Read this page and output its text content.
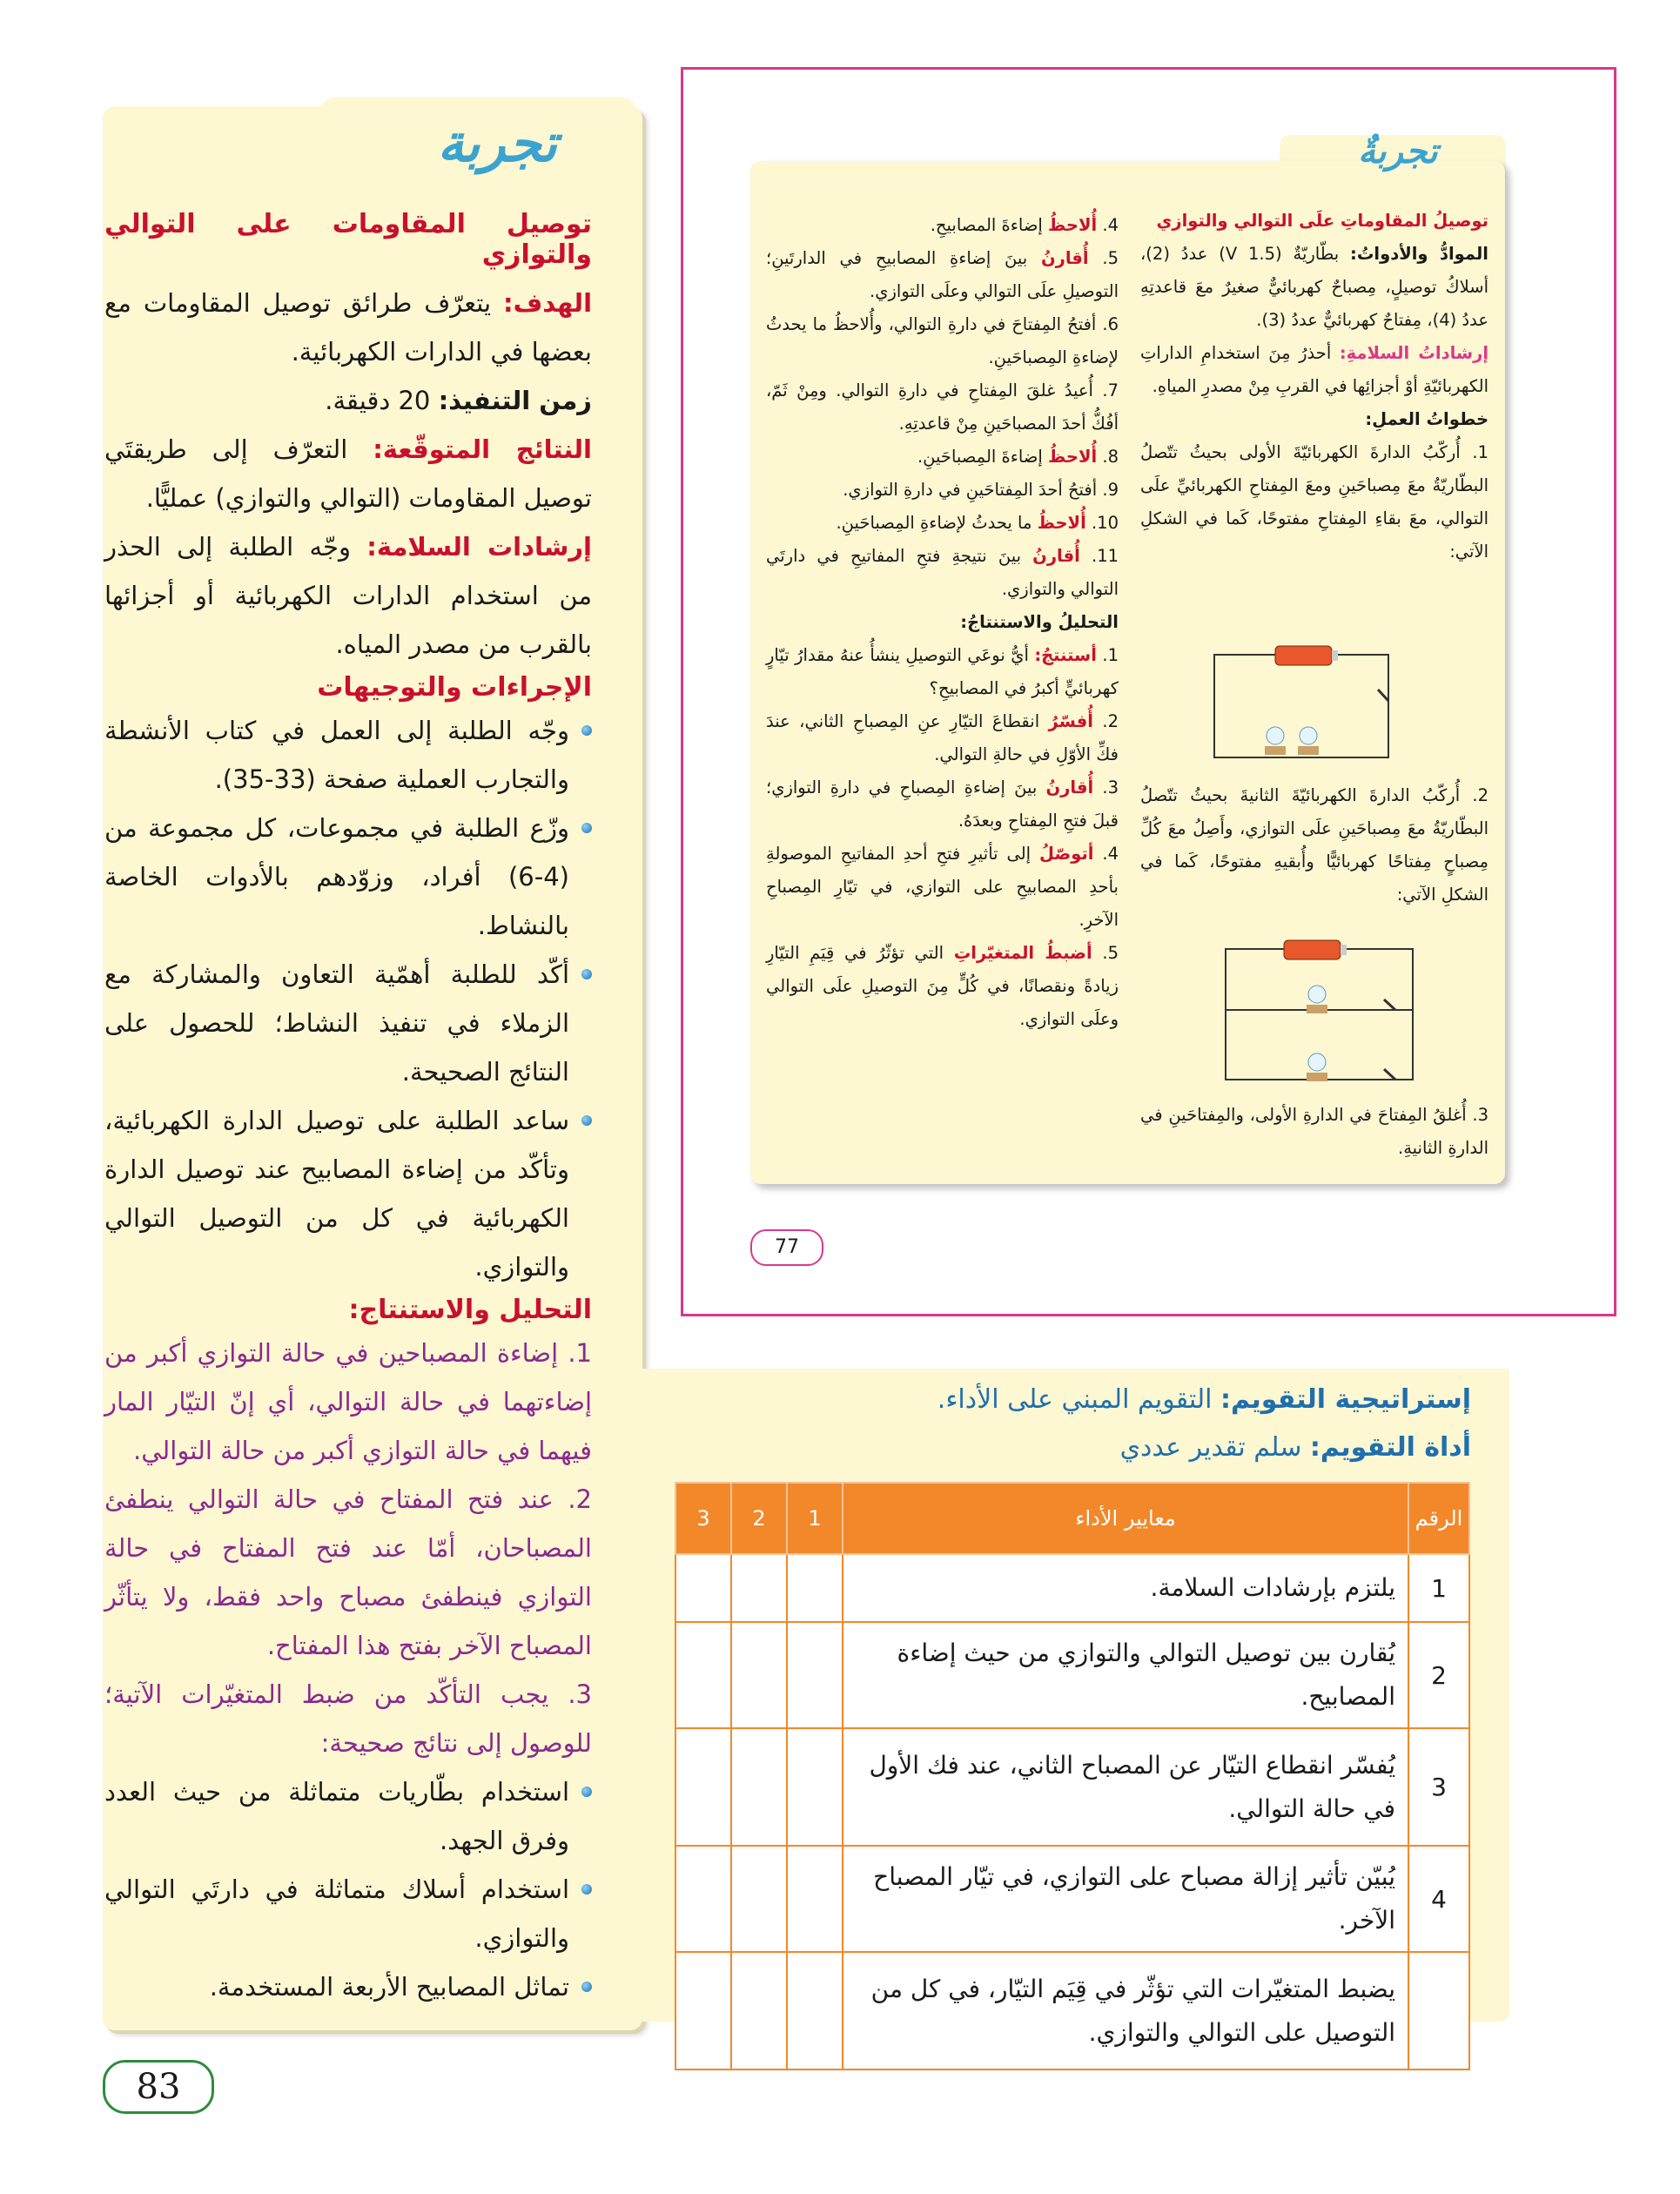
تجربة
توصيل المقاومات على التوالي والتوازي
الهدف: يتعرّف طرائق توصيل المقاومات مع بعضها في الدارات الكهربائية.
زمن التنفيذ: 20 دقيقة.
النتائج المتوقّعة: التعرّف إلى طريقتَي توصيل المقاومات (التوالي والتوازي) عمليًّا.
إرشادات السلامة: وجّه الطلبة إلى الحذر من استخدام الدارات الكهربائية أو أجزائها بالقرب من مصدر المياه.
الإجراءات والتوجيهات
وجّه الطلبة إلى العمل في كتاب الأنشطة والتجارب العملية صفحة (33-35).
وزّع الطلبة في مجموعات، كل مجموعة من (4-6) أفراد، وزوّدهم بالأدوات الخاصة بالنشاط.
أكّد للطلبة أهمّية التعاون والمشاركة مع الزملاء في تنفيذ النشاط؛ للحصول على النتائج الصحيحة.
ساعد الطلبة على توصيل الدارة الكهربائية، وتأكّد من إضاءة المصابيح عند توصيل الدارة الكهربائية في كل من التوصيل التوالي والتوازي.
التحليل والاستنتاج:
1. إضاءة المصباحين في حالة التوازي أكبر من إضاءتهما في حالة التوالي، أي إنّ التيّار المار فيهما في حالة التوازي أكبر من حالة التوالي.
2. عند فتح المفتاح في حالة التوالي ينطفئ المصباحان، أمّا عند فتح المفتاح في حالة التوازي فينطفئ مصباح واحد فقط، ولا يتأثّر المصباح الآخر بفتح هذا المفتاح.
3. يجب التأكّد من ضبط المتغيّرات الآتية؛ للوصول إلى نتائج صحيحة:
استخدام بطّاريات متماثلة من حيث العدد وفرق الجهد.
استخدام أسلاك متماثلة في دارتَي التوالي والتوازي.
تماثل المصابيح الأربعة المستخدمة.
تجربةٌ
توصيلُ المقاوماتِ علَى التوالي والتوازي
الموادُّ والأدواتُ: بطّاريّةٌ (1.5 V) عددُ (2)، أسلاكُ توصيلٍ، مِصباحٌ كهربائيٌّ صغيرٌ معَ قاعدتِهِ عددُ (4)، مِفتاحٌ كهربائيٌّ عددُ (3).
إرشاداتُ السلامةِ: أحذرُ مِنَ استخدامِ الداراتِ الكهربائيّةِ أوْ أجزائِها في القربِ مِنْ مصدرِ المياهِ.
خطواتُ العملِ:
1. أُركّبُ الدارةَ الكهربائيّةَ الأولى بحيثُ تتّصلُ البطّاريّةُ معَ مِصباحَينِ ومعَ المِفتاحِ الكهربائيِّ علَى التوالي، معَ بقاءِ المِفتاحِ مفتوحًا، كَما في الشكلِ الآتي:
2. أُركّبُ الدارةَ الكهربائيّةَ الثانيةَ بحيثُ تتّصلُ البطّاريّةُ معَ مِصباحَينِ علَى التوازي، وأَصِلُ معَ كُلِّ مِصباحٍ مِفتاحًا كهربائيًّا وأُبقيهِ مفتوحًا، كَما في الشكلِ الآتي:
3. أُغلقُ المِفتاحَ في الدارةِ الأولى، والمِفتاحَينِ في الدارةِ الثانيةِ.
4. أُلاحظُ إضاءةَ المصابيحِ.
5. أُقارنُ بينَ إضاءةِ المصابيحِ في الدارتَينِ؛ التوصيلِ علَى التوالي وعلَى التوازي.
6. أفتحُ المِفتاحَ في دارةِ التوالي، وأُلاحظُ ما يحدثُ لإضاءةِ المِصباحَينِ.
7. أُعيدُ غلقَ المِفتاحِ في دارةِ التوالي. ومِنْ ثَمّ، أفُكُّ أحدَ المصباحَينِ مِنْ قاعدتِهِ.
8. أُلاحظُ إضاءةَ المِصباحَينِ.
9. أفتحُ أحدَ المِفتاحَينِ في دارةِ التوازي.
10. أُلاحظُ ما يحدثُ لإضاءةِ المِصباحَينِ.
11. أُقارنُ بينَ نتيجةِ فتحِ المفاتيحِ في دارتَي التوالي والتوازي.
التحليلُ والاستنتاجُ:
1. أستنتجُ: أيُّ نوعَي التوصيلِ ينشأُ عنهُ مقدارُ تيّارٍ كهربائيٍّ أكبرُ في المصابيحِ؟
2. أُفسّرُ انقطاعَ التيّارِ عنِ المِصباحِ الثاني، عندَ فكِّ الأوّلِ في حالةِ التوالي.
3. أُقارنُ بينَ إضاءةِ المِصباحِ في دارةِ التوازي؛ قبلَ فتحِ المِفتاحِ وبعدَهُ.
4. أتوصّلُ إلى تأثيرِ فتحِ أحدِ المفاتيحِ الموصولةِ بأحدِ المصابيحِ على التوازي، في تيّارِ المِصباحِ الآخرِ.
5. أضبطُ المتغيّراتِ التي تؤثّرُ في قِيَمِ التيّارِ زيادةً ونقصانًا، في كُلٍّ مِنَ التوصيلِ علَى التوالي وعلَى التوازي.
77
إستراتيجية التقويم: التقويم المبني على الأداء.
أداة التقويم: سلم تقدير عددي
الرقم	معايير الأداء	1	2	3
1	يلتزم بإرشادات السلامة.			
2	يُقارن بين توصيل التوالي والتوازي من حيث إضاءة المصابيح.			
3	يُفسّر انقطاع التيّار عن المصباح الثاني، عند فك الأول في حالة التوالي.			
4	يُبيّن تأثير إزالة مصباح على التوازي، في تيّار المصباح الآخر.			
	يضبط المتغيّرات التي تؤثّر في قِيَم التيّار، في كل من التوصيل على التوالي والتوازي.			
83
